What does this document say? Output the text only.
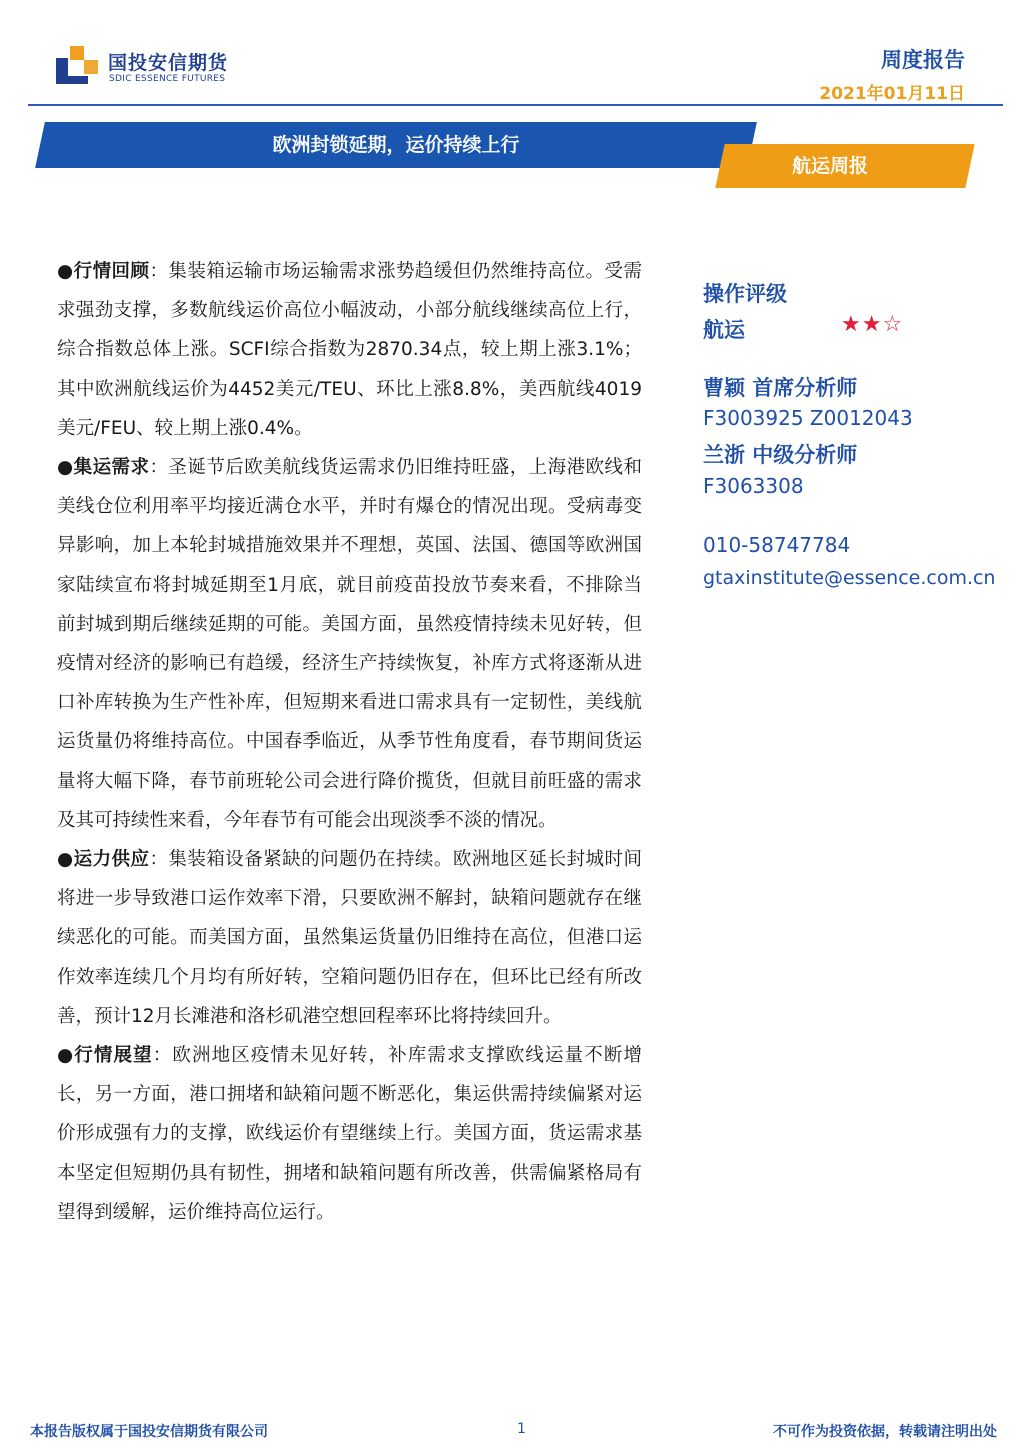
国投安信期货
SDIC ESSENCE FUTURES
周度报告
2021年01月11日
欧洲封锁延期，运价持续上行
航运周报

●行情回顾：集装箱运输市场运输需求涨势趋缓但仍然维持高位。受需求强劲支撑，多数航线运价高位小幅波动，小部分航线继续高位上行，综合指数总体上涨。SCFI综合指数为2870.34点，较上期上涨3.1%；其中欧洲航线运价为4452美元/TEU、环比上涨8.8%，美西航线4019美元/FEU、较上期上涨0.4%。

●集运需求：圣诞节后欧美航线货运需求仍旧维持旺盛，上海港欧线和美线仓位利用率平均接近满仓水平，并时有爆仓的情况出现。受病毒变异影响，加上本轮封城措施效果并不理想，英国、法国、德国等欧洲国家陆续宣布将封城延期至1月底，就目前疫苗投放节奏来看，不排除当前封城到期后继续延期的可能。美国方面，虽然疫情持续未见好转，但疫情对经济的影响已有趋缓，经济生产持续恢复，补库方式将逐渐从进口补库转换为生产性补库，但短期来看进口需求具有一定韧性，美线航运货量仍将维持高位。中国春季临近，从季节性角度看，春节期间货运量将大幅下降，春节前班轮公司会进行降价揽货，但就目前旺盛的需求及其可持续性来看，今年春节有可能会出现淡季不淡的情况。

●运力供应：集装箱设备紧缺的问题仍在持续。欧洲地区延长封城时间将进一步导致港口运作效率下滑，只要欧洲不解封，缺箱问题就存在继续恶化的可能。而美国方面，虽然集运货量仍旧维持在高位，但港口运作效率连续几个月均有所好转，空箱问题仍旧存在，但环比已经有所改善，预计12月长滩港和洛杉矶港空想回程率环比将持续回升。

●行情展望：欧洲地区疫情未见好转，补库需求支撑欧线运量不断增长，另一方面，港口拥堵和缺箱问题不断恶化，集运供需持续偏紧对运价形成强有力的支撑，欧线运价有望继续上行。美国方面，货运需求基本坚定但短期仍具有韧性，拥堵和缺箱问题有所改善，供需偏紧格局有望得到缓解，运价维持高位运行。

操作评级
航运	★★☆
曹颖 首席分析师
F3003925 Z0012043
兰浙 中级分析师
F3063308
010-58747784
gtaxinstitute@essence.com.cn
本报告版权属于国投安信期货有限公司	1	不可作为投资依据，转载请注明出处
